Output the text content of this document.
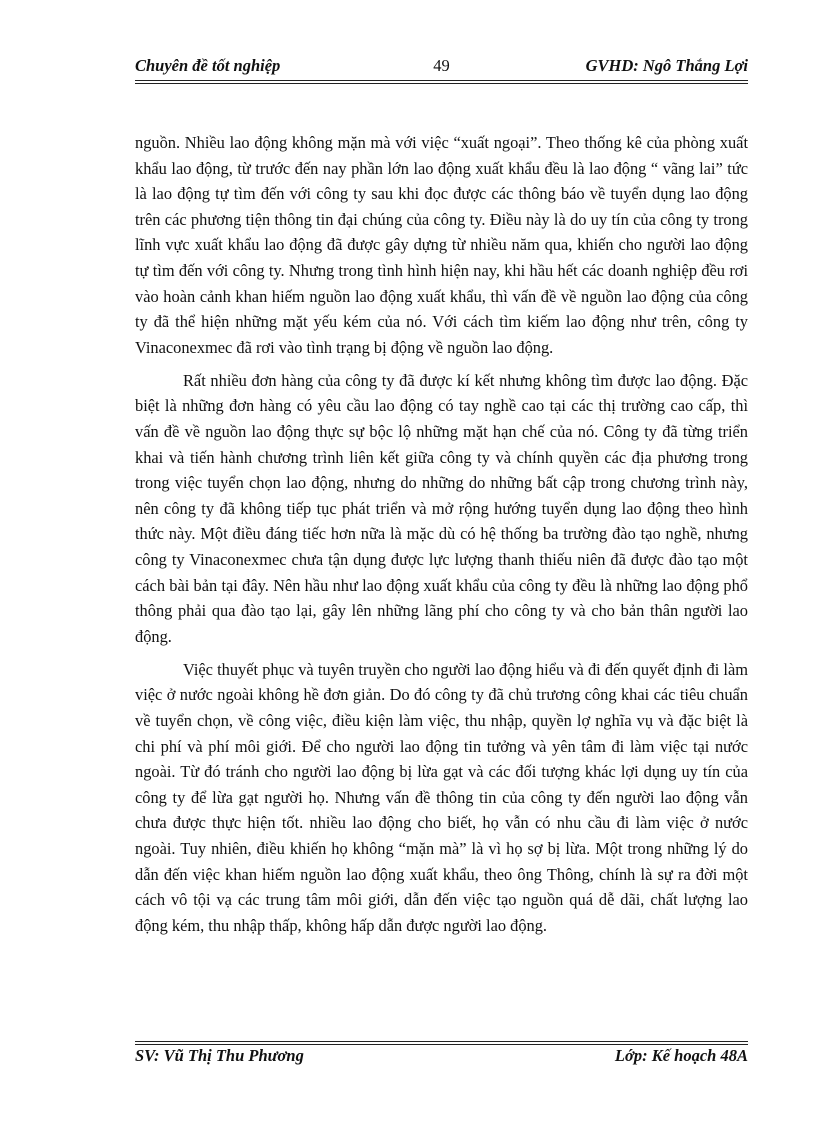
49
Chuyên đề tốt nghiệp	GVHD: Ngô Thắng Lợi

nguồn. Nhiều lao động không mặn mà với việc “xuất ngoại”. Theo thống kê của phòng xuất khẩu lao động, từ trước đến nay phần lớn lao động xuất khẩu đều là lao động “ vãng lai” tức là lao động tự tìm đến với công ty sau khi đọc được các thông báo về tuyển dụng lao động trên các phương tiện thông tin đại chúng của công ty. Điều này là do uy tín của công ty trong lĩnh vực xuất khẩu lao động đã được gây dựng từ nhiều năm qua, khiến cho người lao động tự tìm đến với công ty. Nhưng trong tình hình hiện nay, khi hầu hết các doanh nghiệp đều rơi vào hoàn cảnh khan hiếm nguồn lao động xuất khẩu, thì vấn đề về nguồn lao động của công ty đã thể hiện những mặt yếu kém của nó. Với cách tìm kiếm lao động như trên, công ty Vinaconexmec đã rơi vào tình trạng bị động về nguồn lao động.

Rất nhiều đơn hàng của công ty đã được kí kết nhưng không tìm được lao động. Đặc biệt là những đơn hàng có yêu cầu lao động có tay nghề cao tại các thị trường cao cấp, thì vấn đề về nguồn lao động thực sự bộc lộ những mặt hạn chế của nó. Công ty đã từng triển khai và tiến hành chương trình liên kết giữa công ty và chính quyền các địa phương trong trong việc tuyển chọn lao động, nhưng do những do những bất cập trong chương trình này, nên công ty đã không tiếp tục phát triển và mở rộng hướng tuyển dụng lao động theo hình thức này. Một điều đáng tiếc hơn nữa là mặc dù có hệ thống ba trường đào tạo nghề, nhưng công ty Vinaconexmec chưa tận dụng được lực lượng thanh thiếu niên đã được đào tạo một cách bài bản tại đây. Nên hầu như lao động xuất khẩu của công ty đều là những lao động phổ thông phải qua đào tạo lại, gây lên những lãng phí cho công ty và cho bản thân người lao động.

Việc thuyết phục và tuyên truyền cho người lao động hiểu và đi đến quyết định đi làm việc ở nước ngoài không hề đơn giản. Do đó công ty đã chủ trương công khai các tiêu chuẩn về tuyển chọn, về công việc, điều kiện làm việc, thu nhập, quyền lợ nghĩa vụ và đặc biệt là chi phí và phí môi giới. Để cho người lao động tin tưởng và yên tâm đi làm việc tại nước ngoài. Từ đó tránh cho người lao động bị lừa gạt và các đối tượng khác lợi dụng uy tín của công ty để lừa gạt người họ. Nhưng vấn đề thông tin của công ty đến người lao động vẫn chưa được thực hiện tốt. nhiều lao động cho biết, họ vẫn có nhu cầu đi làm việc ở nước ngoài. Tuy nhiên, điều khiến họ không “mặn mà” là vì họ sợ bị lừa. Một trong những lý do dẫn đến việc khan hiếm nguồn lao động xuất khẩu, theo ông Thông, chính là sự ra đời một cách vô tội vạ các trung tâm môi giới, dẫn đến việc tạo nguồn quá dễ dãi, chất lượng lao động kém, thu nhập thấp, không hấp dẫn được người lao động.

SV: Vũ Thị Thu Phương	Lớp: Kế hoạch 48A
